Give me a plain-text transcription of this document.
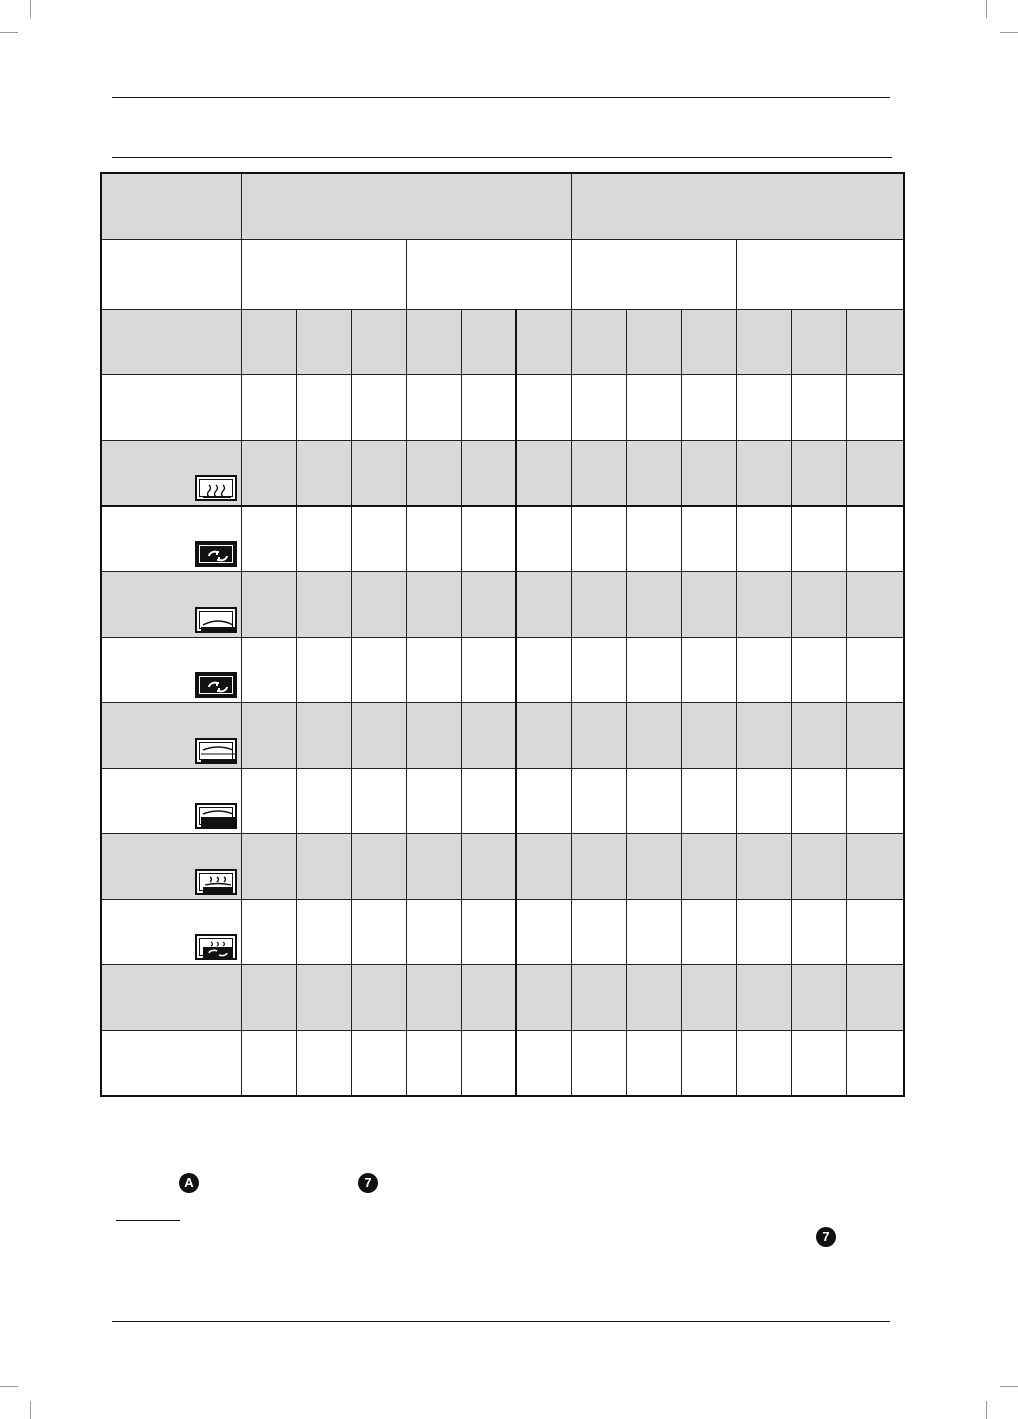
A	7
7
